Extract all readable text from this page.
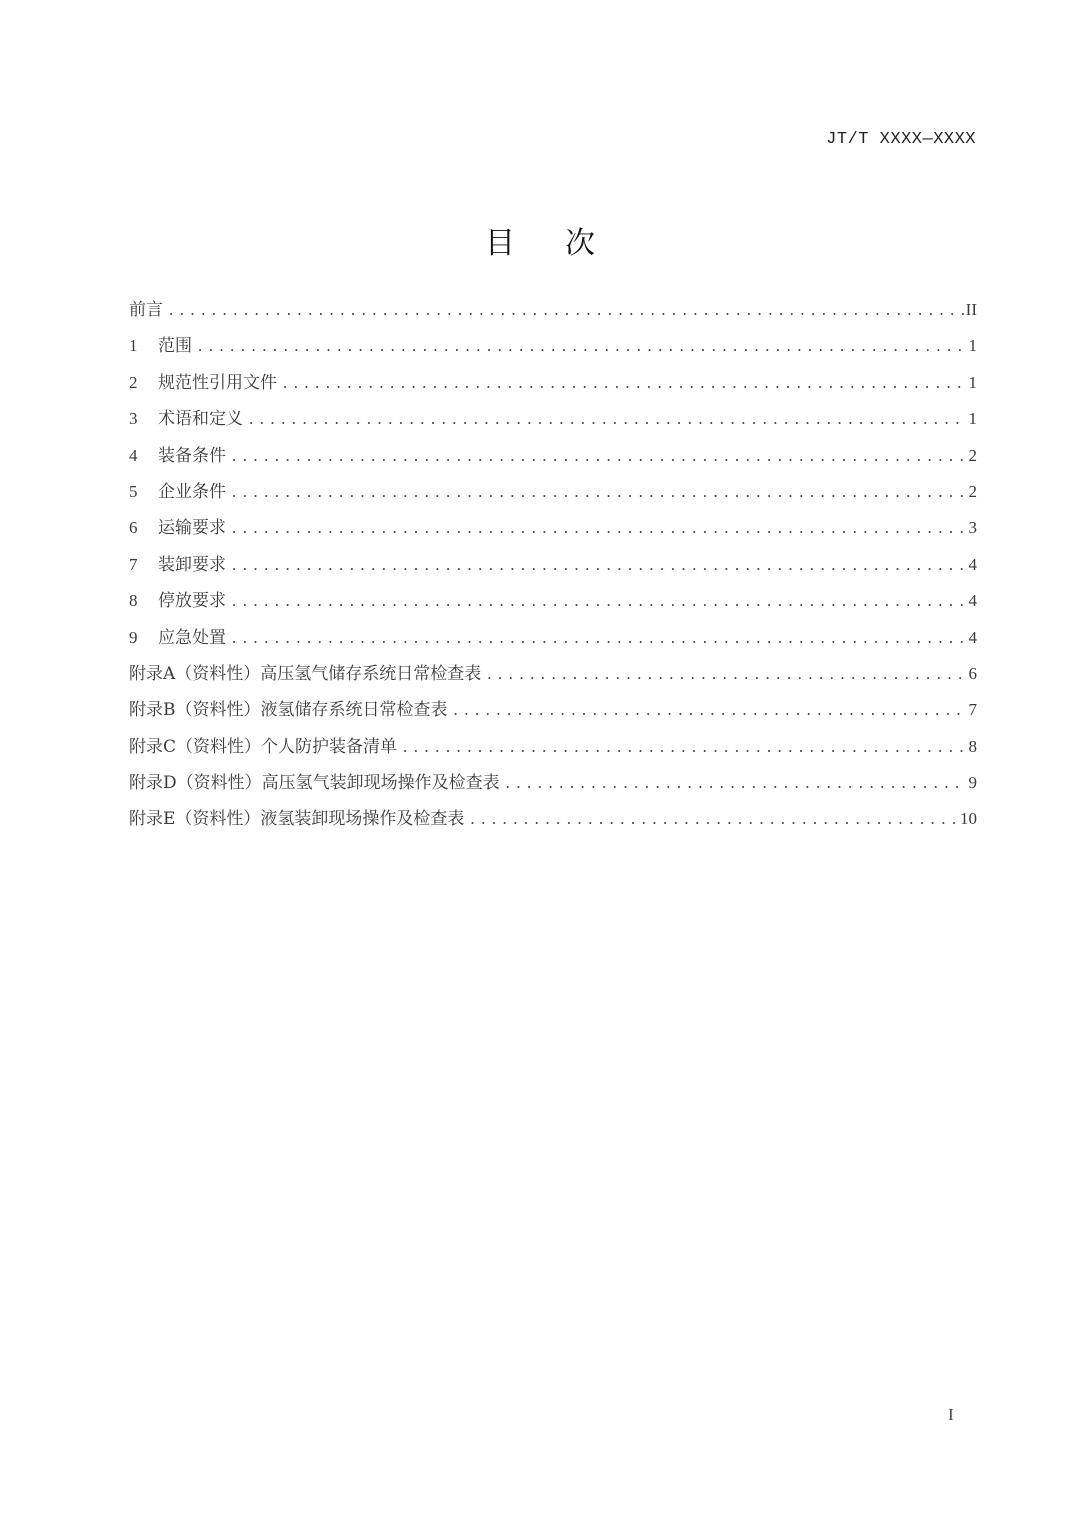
JT/T XXXX—XXXX
目次
前言 . . .	II
1	范围 . . .	1
2	规范性引用文件 . . .	1
3	术语和定义 . . .	1
4	装备条件 . . .	2
5	企业条件 . . .	2
6	运输要求 . . .	3
7	装卸要求 . . .	4
8	停放要求 . . .	4
9	应急处置 . . .	4
附录A（资料性）高压氢气储存系统日常检查表 . . .	6
附录B（资料性）液氢储存系统日常检查表 . . .	7
附录C（资料性）个人防护装备清单 . . .	8
附录D（资料性）高压氢气装卸现场操作及检查表 . . .	9
附录E（资料性）液氢装卸现场操作及检查表 . . .	10
I
